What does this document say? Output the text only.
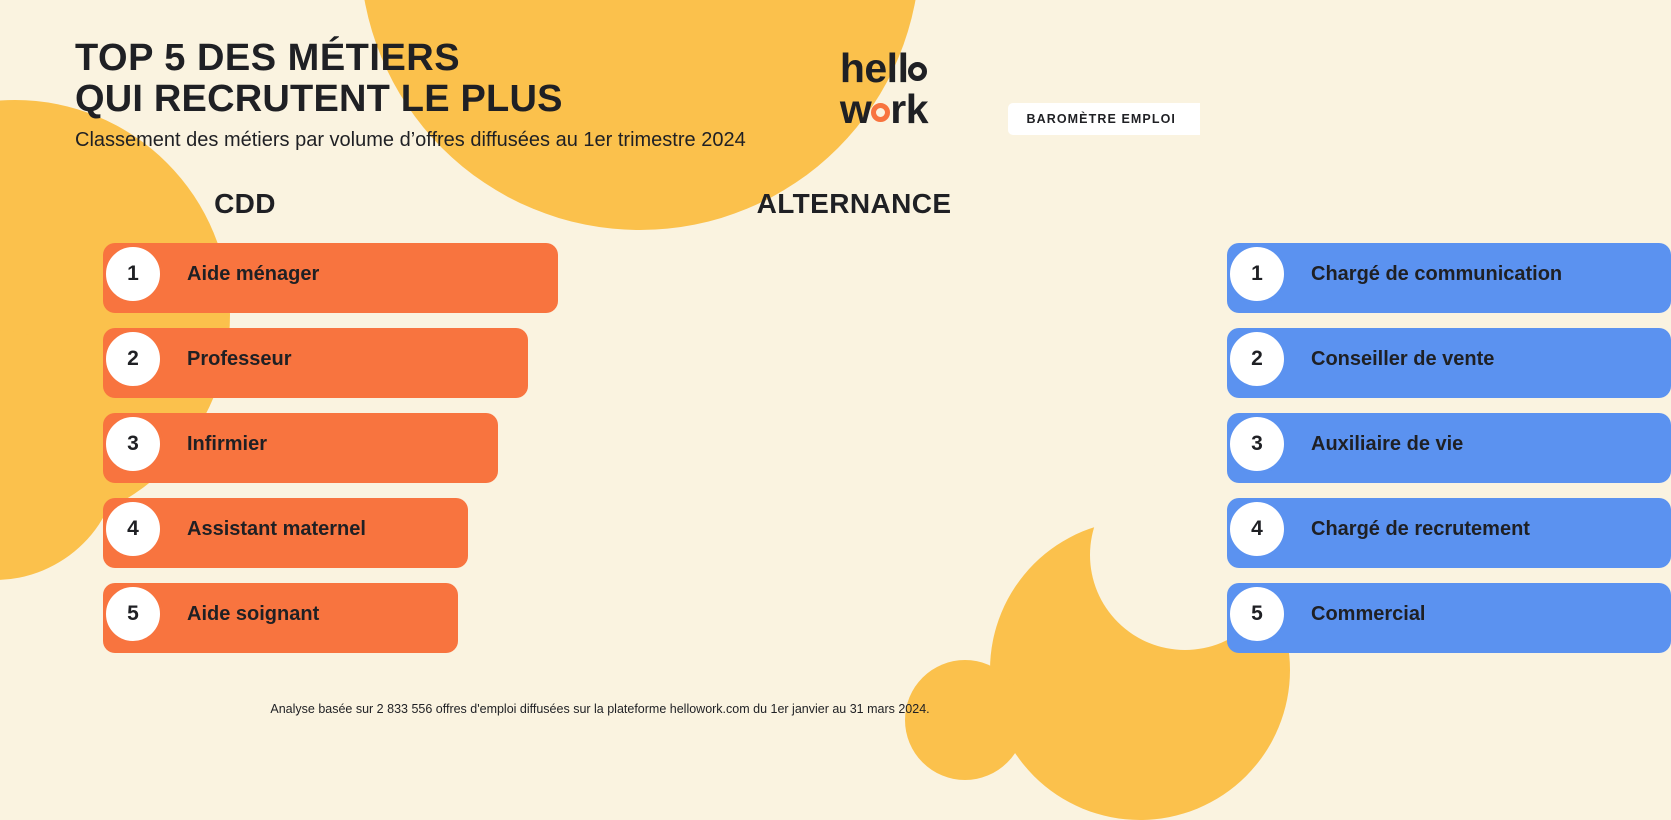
TOP 5 DES MÉTIERS
QUI RECRUTENT LE PLUS
Classement des métiers par volume d’offres diffusées au 1er trimestre 2024
hell
w rk	BAROMÈTRE EMPLOI
CDD
1	Aide ménager
2	Professeur
3	Infirmier
4	Assistant maternel
5	Aide soignant
ALTERNANCE
1	Chargé de communication
2	Conseiller de vente
3	Auxiliaire de vie
4	Chargé de recrutement
5	Commercial
Analyse basée sur 2 833 556 offres d'emploi diffusées sur la plateforme hellowork.com du 1er janvier au 31 mars 2024.
